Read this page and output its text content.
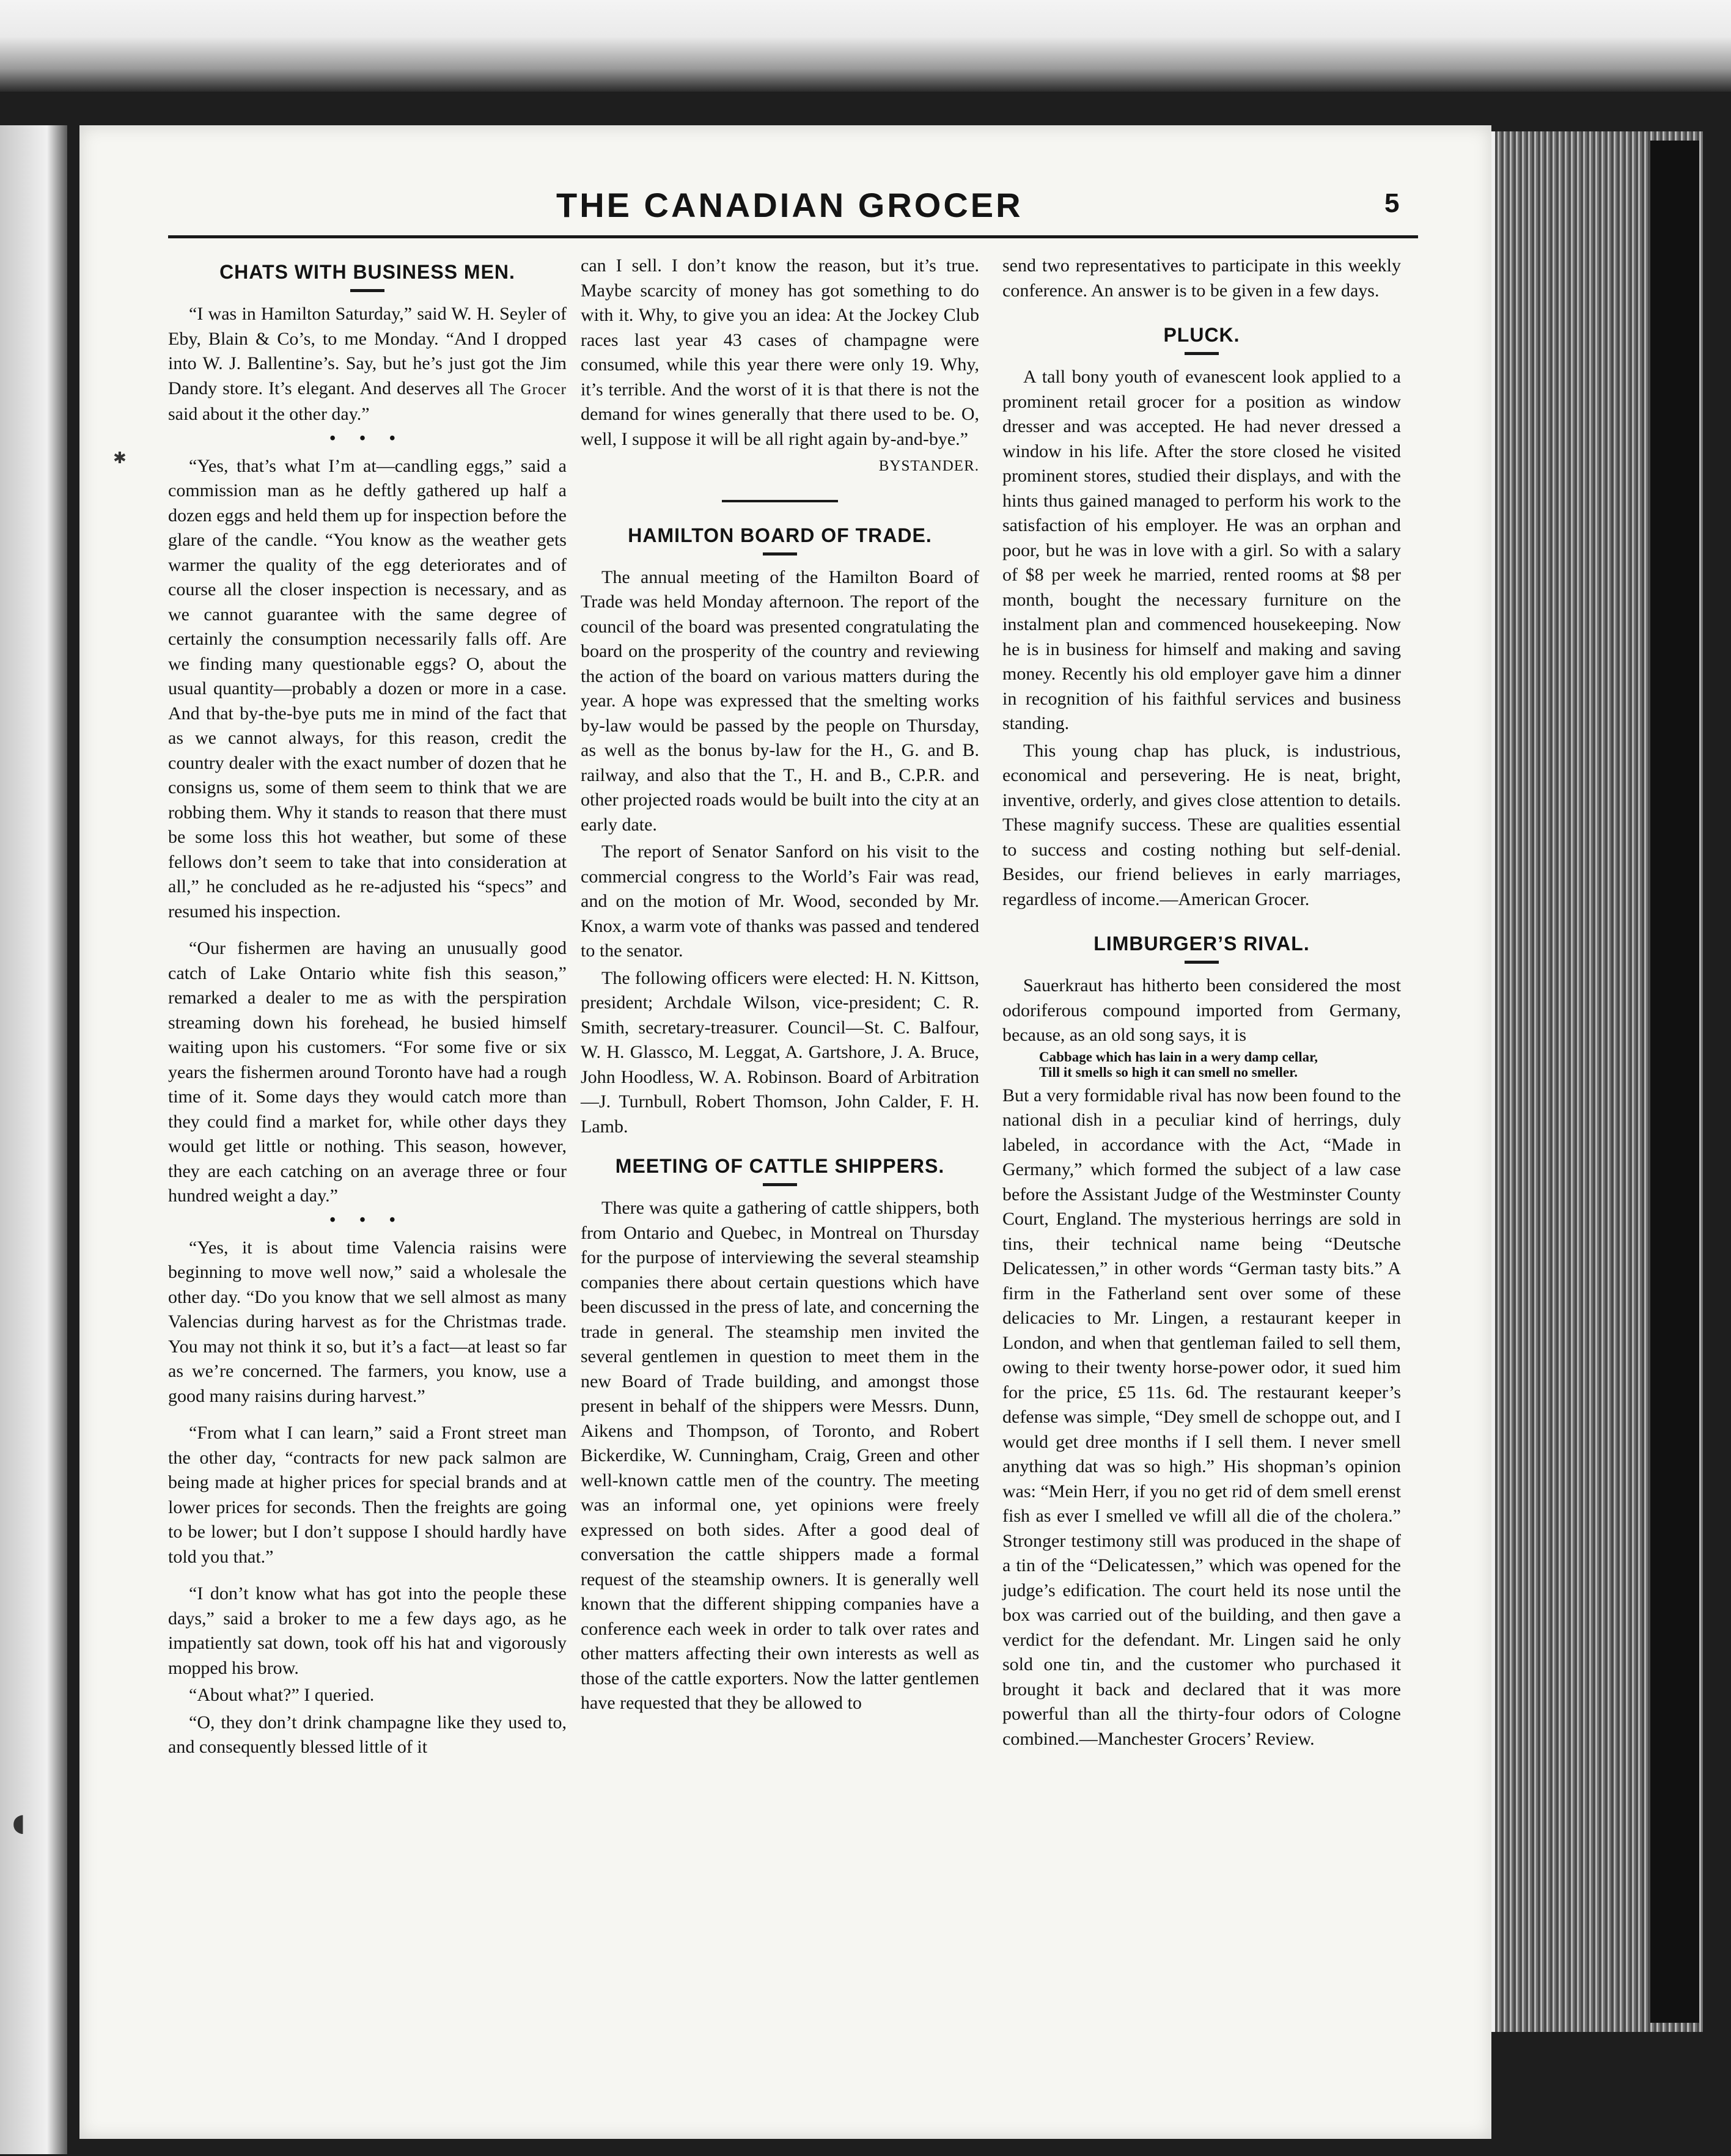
THE CANADIAN GROCER	5
✱
◖
CHATS WITH BUSINESS MEN.

“I was in Hamilton Saturday,” said W. H. Seyler of Eby, Blain & Co’s, to me Monday. “And I dropped into W. J. Ballentine’s. Say, but he’s just got the Jim Dandy store. It’s elegant. And deserves all The Grocer said about it the other day.”

• • •

“Yes, that’s what I’m at—candling eggs,” said a commission man as he deftly gathered up half a dozen eggs and held them up for inspection before the glare of the candle. “You know as the weather gets warmer the quality of the egg deteriorates and of course all the closer inspection is necessary, and as we cannot guarantee with the same degree of certainly the consumption necessarily falls off. Are we finding many questionable eggs? O, about the usual quantity—probably a dozen or more in a case. And that by-the-bye puts me in mind of the fact that as we cannot always, for this reason, credit the country dealer with the exact number of dozen that he consigns us, some of them seem to think that we are robbing them. Why it stands to reason that there must be some loss this hot weather, but some of these fellows don’t seem to take that into consideration at all,” he concluded as he re-adjusted his “specs” and resumed his inspection.

“Our fishermen are having an unusually good catch of Lake Ontario white fish this season,” remarked a dealer to me as with the perspiration streaming down his forehead, he busied himself waiting upon his customers. “For some five or six years the fishermen around Toronto have had a rough time of it. Some days they would catch more than they could find a market for, while other days they would get little or nothing. This season, however, they are each catching on an average three or four hundred weight a day.”

• • •

“Yes, it is about time Valencia raisins were beginning to move well now,” said a wholesale the other day. “Do you know that we sell almost as many Valencias during harvest as for the Christmas trade. You may not think it so, but it’s a fact—at least so far as we’re concerned. The farmers, you know, use a good many raisins during harvest.”

“From what I can learn,” said a Front street man the other day, “contracts for new pack salmon are being made at higher prices for special brands and at lower prices for seconds. Then the freights are going to be lower; but I don’t suppose I should hardly have told you that.”

“I don’t know what has got into the people these days,” said a broker to me a few days ago, as he impatiently sat down, took off his hat and vigorously mopped his brow.

“About what?” I queried.

“O, they don’t drink champagne like they used to, and consequently blessed little of it

can I sell. I don’t know the reason, but it’s true. Maybe scarcity of money has got something to do with it. Why, to give you an idea: At the Jockey Club races last year 43 cases of champagne were consumed, while this year there were only 19. Why, it’s terrible. And the worst of it is that there is not the demand for wines generally that there used to be. O, well, I suppose it will be all right again by-and-bye.”

BYSTANDER.

HAMILTON BOARD OF TRADE.

The annual meeting of the Hamilton Board of Trade was held Monday afternoon. The report of the council of the board was presented congratulating the board on the prosperity of the country and reviewing the action of the board on various matters during the year. A hope was expressed that the smelting works by-law would be passed by the people on Thursday, as well as the bonus by-law for the H., G. and B. railway, and also that the T., H. and B., C.P.R. and other projected roads would be built into the city at an early date.

The report of Senator Sanford on his visit to the commercial congress to the World’s Fair was read, and on the motion of Mr. Wood, seconded by Mr. Knox, a warm vote of thanks was passed and tendered to the senator.

The following officers were elected: H. N. Kittson, president; Archdale Wilson, vice-president; C. R. Smith, secretary-treasurer. Council—St. C. Balfour, W. H. Glassco, M. Leggat, A. Gartshore, J. A. Bruce, John Hoodless, W. A. Robinson. Board of Arbitration—J. Turnbull, Robert Thomson, John Calder, F. H. Lamb.

MEETING OF CATTLE SHIPPERS.

There was quite a gathering of cattle shippers, both from Ontario and Quebec, in Montreal on Thursday for the purpose of interviewing the several steamship companies there about certain questions which have been discussed in the press of late, and concerning the trade in general. The steamship men invited the several gentlemen in question to meet them in the new Board of Trade building, and amongst those present in behalf of the shippers were Messrs. Dunn, Aikens and Thompson, of Toronto, and Robert Bickerdike, W. Cunningham, Craig, Green and other well-known cattle men of the country. The meeting was an informal one, yet opinions were freely expressed on both sides. After a good deal of conversation the cattle shippers made a formal request of the steamship owners. It is generally well known that the different shipping companies have a conference each week in order to talk over rates and other matters affecting their own interests as well as those of the cattle exporters. Now the latter gentlemen have requested that they be allowed to

send two representatives to participate in this weekly conference. An answer is to be given in a few days.

PLUCK.

A tall bony youth of evanescent look applied to a prominent retail grocer for a position as window dresser and was accepted. He had never dressed a window in his life. After the store closed he visited prominent stores, studied their displays, and with the hints thus gained managed to perform his work to the satisfaction of his employer. He was an orphan and poor, but he was in love with a girl. So with a salary of $8 per week he married, rented rooms at $8 per month, bought the necessary furniture on the instalment plan and commenced housekeeping. Now he is in business for himself and making and saving money. Recently his old employer gave him a dinner in recognition of his faithful services and business standing.

This young chap has pluck, is industrious, economical and persevering. He is neat, bright, inventive, orderly, and gives close attention to details. These magnify success. These are qualities essential to success and costing nothing but self-denial. Besides, our friend believes in early marriages, regardless of income.—American Grocer.

LIMBURGER’S RIVAL.

Sauerkraut has hitherto been considered the most odoriferous compound imported from Germany, because, as an old song says, it is

Cabbage which has lain in a wery damp cellar,
Till it smells so high it can smell no smeller.

But a very formidable rival has now been found to the national dish in a peculiar kind of herrings, duly labeled, in accordance with the Act, “Made in Germany,” which formed the subject of a law case before the Assistant Judge of the Westminster County Court, England. The mysterious herrings are sold in tins, their technical name being “Deutsche Delicatessen,” in other words “German tasty bits.” A firm in the Fatherland sent over some of these delicacies to Mr. Lingen, a restaurant keeper in London, and when that gentleman failed to sell them, owing to their twenty horse-power odor, it sued him for the price, £5 11s. 6d. The restaurant keeper’s defense was simple, “Dey smell de schoppe out, and I would get dree months if I sell them. I never smell anything dat was so high.” His shopman’s opinion was: “Mein Herr, if you no get rid of dem smell erenst fish as ever I smelled ve wfill all die of the cholera.” Stronger testimony still was produced in the shape of a tin of the “Delicatessen,” which was opened for the judge’s edification. The court held its nose until the box was carried out of the building, and then gave a verdict for the defendant. Mr. Lingen said he only sold one tin, and the customer who purchased it brought it back and declared that it was more powerful than all the thirty-four odors of Cologne combined.—Manchester Grocers’ Review.
